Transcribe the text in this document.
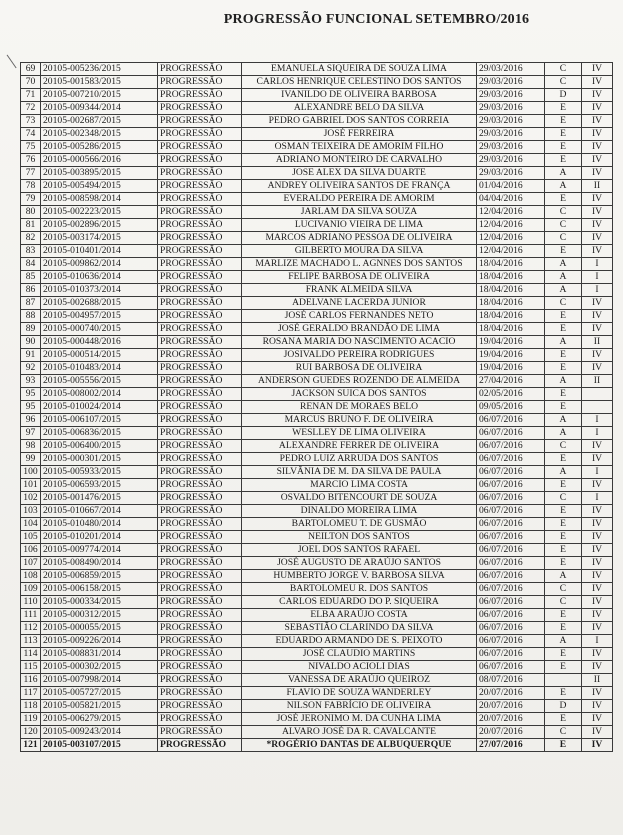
PROGRESSÃO FUNCIONAL SETEMBRO/2016
69	20105-005236/2015	PROGRESSÃO	EMANUELA SIQUEIRA DE SOUZA LIMA	29/03/2016	C	IV
70	20105-001583/2015	PROGRESSÃO	CARLOS HENRIQUE CELESTINO DOS SANTOS	29/03/2016	C	IV
71	20105-007210/2015	PROGRESSÃO	IVANILDO DE OLIVEIRA BARBOSA	29/03/2016	D	IV
72	20105-009344/2014	PROGRESSÃO	ALEXANDRE BELO DA SILVA	29/03/2016	E	IV
73	20105-002687/2015	PROGRESSÃO	PEDRO GABRIEL DOS SANTOS CORREIA	29/03/2016	E	IV
74	20105-002348/2015	PROGRESSÃO	JOSÉ FERREIRA	29/03/2016	E	IV
75	20105-005286/2015	PROGRESSÃO	OSMAN TEIXEIRA DE AMORIM FILHO	29/03/2016	E	IV
76	20105-000566/2016	PROGRESSÃO	ADRIANO MONTEIRO DE CARVALHO	29/03/2016	E	IV
77	20105-003895/2015	PROGRESSÃO	JOSE ALEX DA SILVA DUARTE	29/03/2016	A	IV
78	20105-005494/2015	PROGRESSÃO	ANDREY OLIVEIRA SANTOS DE FRANÇA	01/04/2016	A	II
79	20105-008598/2014	PROGRESSÃO	EVERALDO PEREIRA DE AMORIM	04/04/2016	E	IV
80	20105-002223/2015	PROGRESSÃO	JARLAM DA SILVA SOUZA	12/04/2016	C	IV
81	20105-002896/2015	PROGRESSÃO	LUCIVANIO VIEIRA DE LIMA	12/04/2016	C	IV
82	20105-003174/2015	PROGRESSÃO	MARCOS ADRIANO PESSOA DE OLIVEIRA	12/04/2016	C	IV
83	20105-010401/2014	PROGRESSÃO	GILBERTO MOURA DA SILVA	12/04/2016	E	IV
84	20105-009862/2014	PROGRESSÃO	MARLIZE MACHADO L. AGNNES DOS SANTOS	18/04/2016	A	I
85	20105-010636/2014	PROGRESSÃO	FELIPE BARBOSA DE OLIVEIRA	18/04/2016	A	I
86	20105-010373/2014	PROGRESSÃO	FRANK ALMEIDA SILVA	18/04/2016	A	I
87	20105-002688/2015	PROGRESSÃO	ADELVANE LACERDA JUNIOR	18/04/2016	C	IV
88	20105-004957/2015	PROGRESSÃO	JOSÉ CARLOS FERNANDES NETO	18/04/2016	E	IV
89	20105-000740/2015	PROGRESSÃO	JOSÉ GERALDO BRANDÃO DE LIMA	18/04/2016	E	IV
90	20105-000448/2016	PROGRESSÃO	ROSANA MARIA DO NASCIMENTO ACACIO	19/04/2016	A	II
91	20105-000514/2015	PROGRESSÃO	JOSIVALDO PEREIRA RODRIGUES	19/04/2016	E	IV
92	20105-010483/2014	PROGRESSÃO	RUI BARBOSA DE OLIVEIRA	19/04/2016	E	IV
93	20105-005556/2015	PROGRESSÃO	ANDERSON GUEDES ROZENDO DE ALMEIDA	27/04/2016	A	II
95	20105-008002/2014	PROGRESSÃO	JACKSON SUICA DOS SANTOS	02/05/2016	E	
95	20105-010024/2014	PROGRESSÃO	RENAN DE MORAES BELO	09/05/2016	E	
96	20105-006107/2015	PROGRESSÃO	MARCUS BRUNO F. DE OLIVEIRA	06/07/2016	A	I
97	20105-006836/2015	PROGRESSÃO	WESLLEY DE LIMA OLIVEIRA	06/07/2016	A	I
98	20105-006400/2015	PROGRESSÃO	ALEXANDRE FERRER DE OLIVEIRA	06/07/2016	C	IV
99	20105-000301/2015	PROGRESSÃO	PEDRO LUIZ ARRUDA DOS SANTOS	06/07/2016	E	IV
100	20105-005933/2015	PROGRESSÃO	SILVÂNIA DE M. DA SILVA DE PAULA	06/07/2016	A	I
101	20105-006593/2015	PROGRESSÃO	MARCIO LIMA COSTA	06/07/2016	E	IV
102	20105-001476/2015	PROGRESSÃO	OSVALDO BITENCOURT DE SOUZA	06/07/2016	C	I
103	20105-010667/2014	PROGRESSÃO	DINALDO MOREIRA LIMA	06/07/2016	E	IV
104	20105-010480/2014	PROGRESSÃO	BARTOLOMEU T. DE GUSMÃO	06/07/2016	E	IV
105	20105-010201/2014	PROGRESSÃO	NEILTON DOS SANTOS	06/07/2016	E	IV
106	20105-009774/2014	PROGRESSÃO	JOEL DOS SANTOS RAFAEL	06/07/2016	E	IV
107	20105-008490/2014	PROGRESSÃO	JOSÉ AUGUSTO DE ARAÚJO SANTOS	06/07/2016	E	IV
108	20105-006859/2015	PROGRESSÃO	HUMBERTO JORGE V. BARBOSA SILVA	06/07/2016	A	IV
109	20105-006158/2015	PROGRESSÃO	BARTOLOMEU R. DOS SANTOS	06/07/2016	C	IV
110	20105-000334/2015	PROGRESSÃO	CARLOS EDUARDO DO P. SIQUEIRA	06/07/2016	C	IV
111	20105-000312/2015	PROGRESSÃO	ELBA ARAÚJO COSTA	06/07/2016	E	IV
112	20105-000055/2015	PROGRESSÃO	SEBASTIÃO CLARINDO DA SILVA	06/07/2016	E	IV
113	20105-009226/2014	PROGRESSÃO	EDUARDO ARMANDO DE S. PEIXOTO	06/07/2016	A	I
114	20105-008831/2014	PROGRESSÃO	JOSÉ CLAUDIO MARTINS	06/07/2016	E	IV
115	20105-000302/2015	PROGRESSÃO	NIVALDO ACIOLI DIAS	06/07/2016	E	IV
116	20105-007998/2014	PROGRESSÃO	VANESSA DE ARAÚJO QUEIROZ	08/07/2016		II
117	20105-005727/2015	PROGRESSÃO	FLAVIO DE SOUZA WANDERLEY	20/07/2016	E	IV
118	20105-005821/2015	PROGRESSÃO	NILSON FABRÍCIO DE OLIVEIRA	20/07/2016	D	IV
119	20105-006279/2015	PROGRESSÃO	JOSÉ JERONIMO M. DA CUNHA LIMA	20/07/2016	E	IV
120	20105-009243/2014	PROGRESSÃO	ALVARO JOSÉ DA R. CAVALCANTE	20/07/2016	C	IV
121	20105-003107/2015	PROGRESSÃO	*ROGÉRIO DANTAS DE ALBUQUERQUE	27/07/2016	E	IV
